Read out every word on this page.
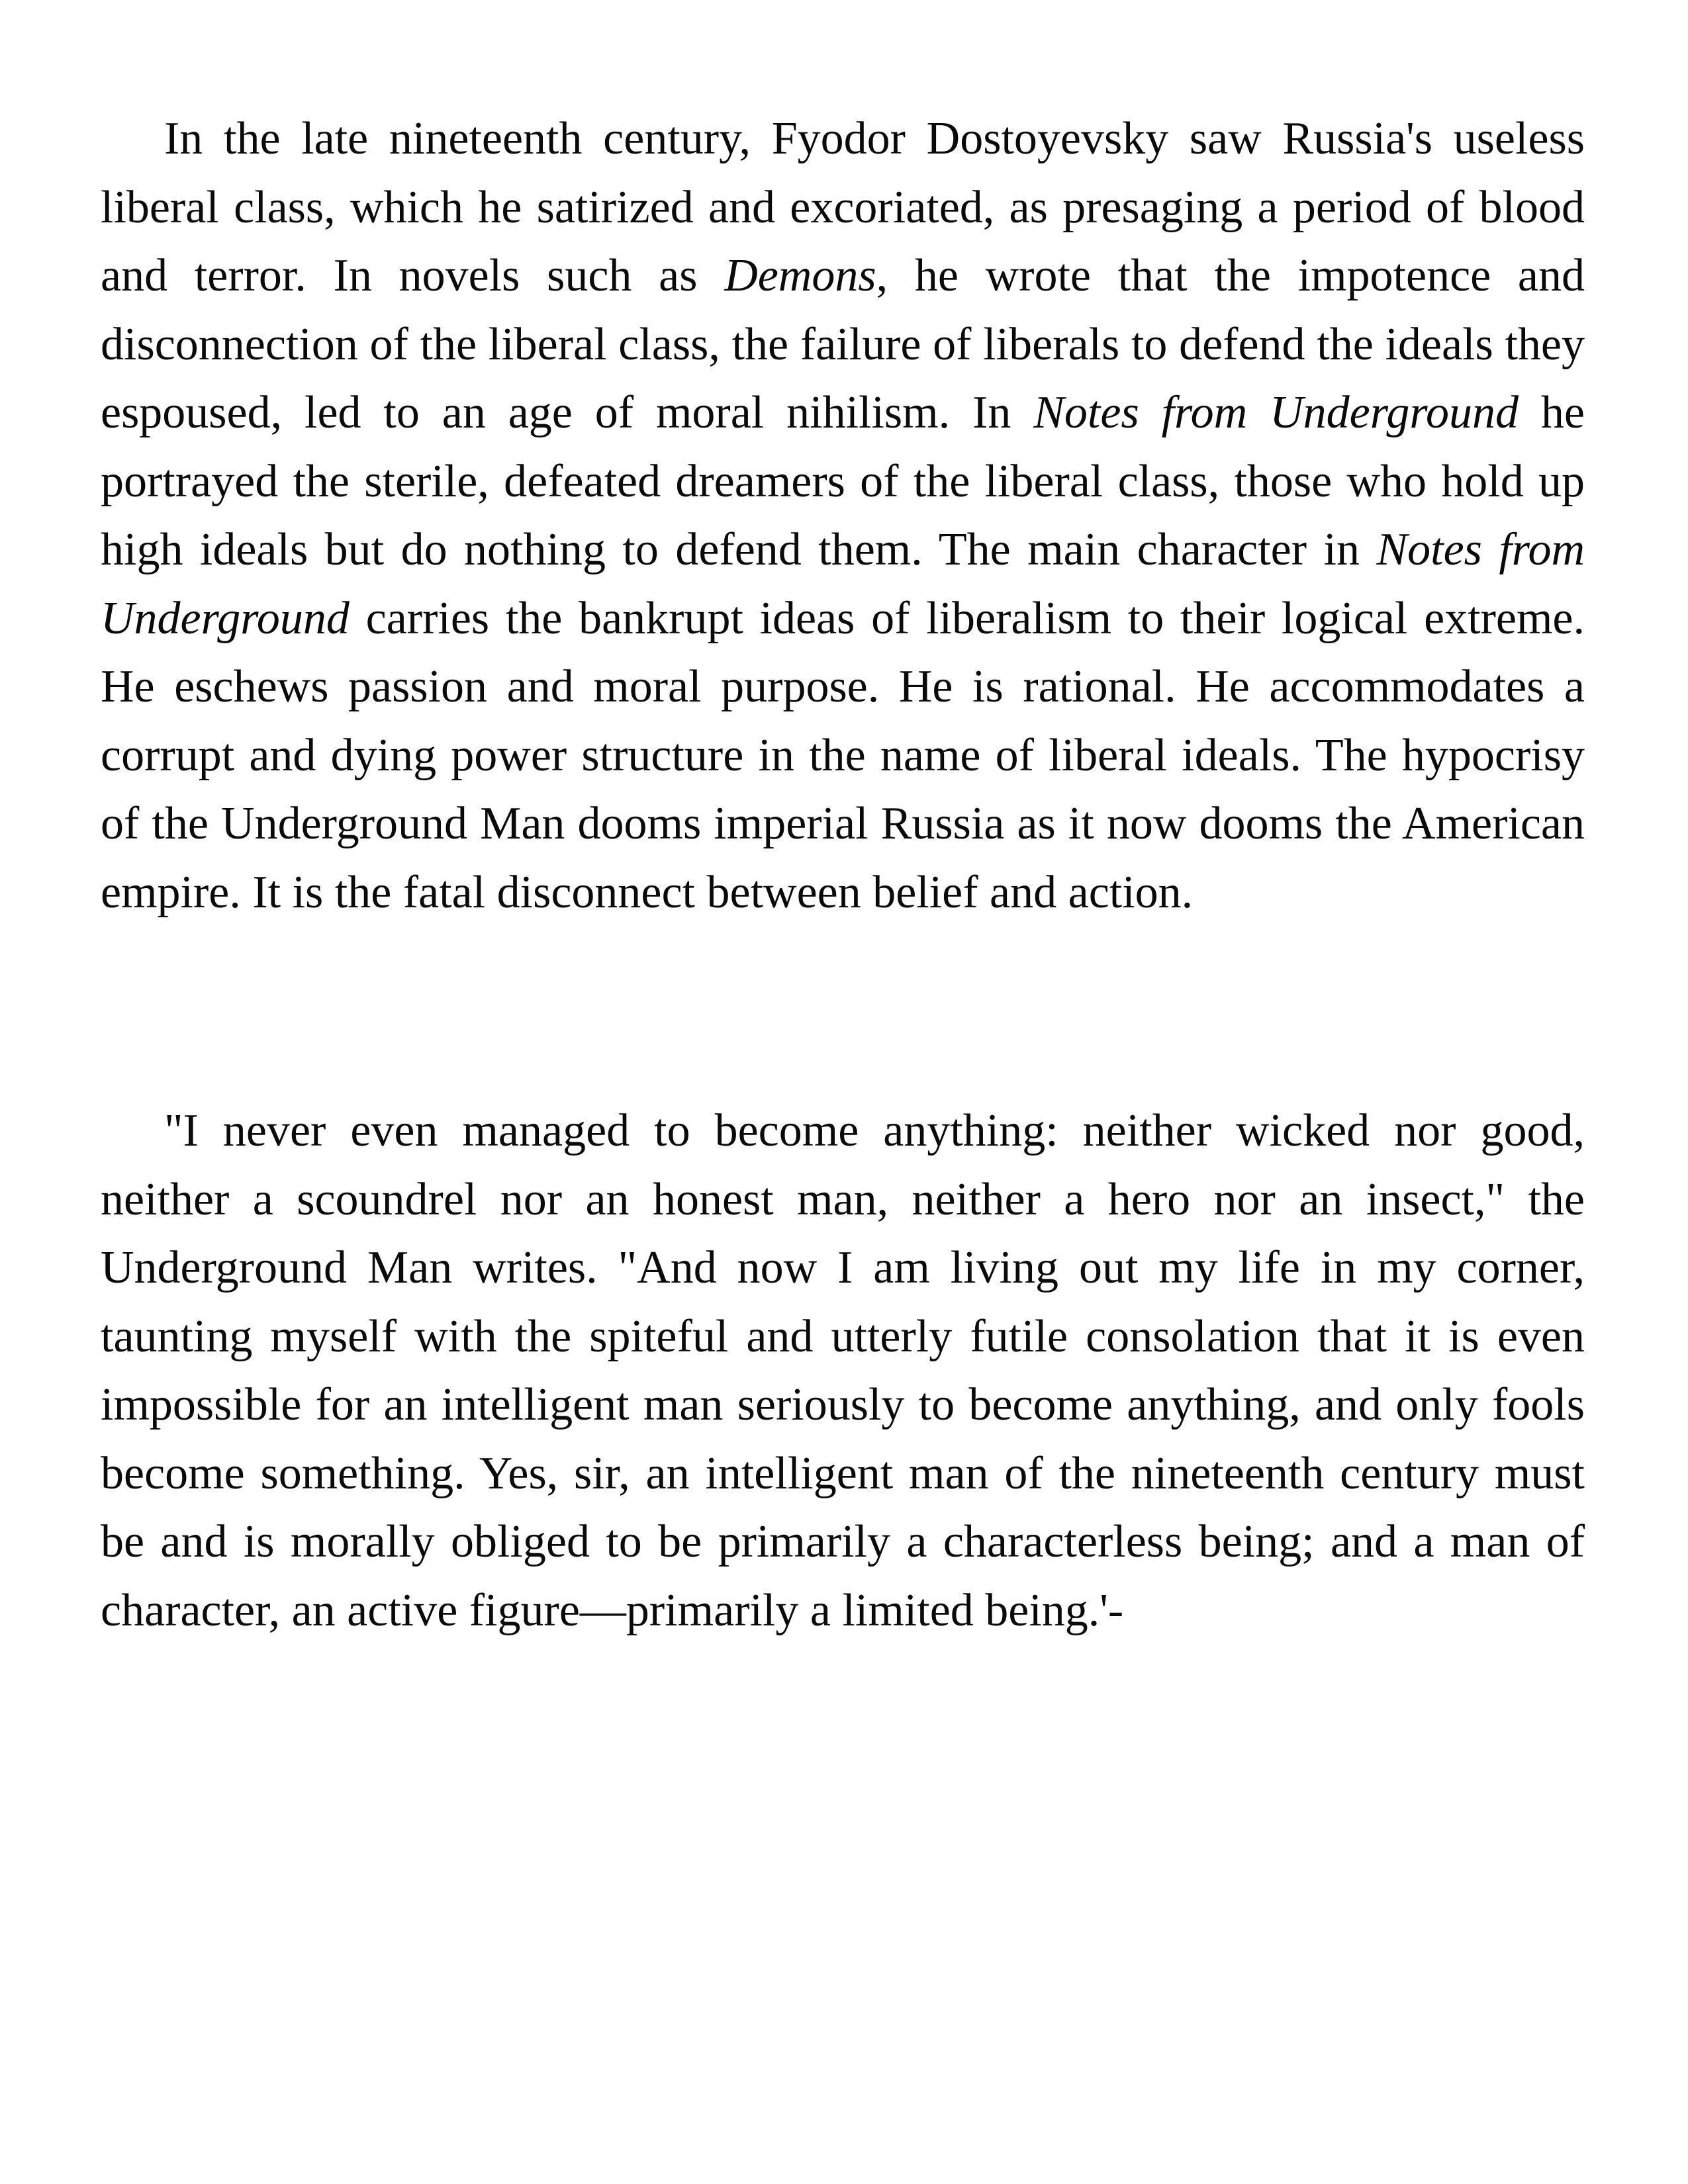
In the late nineteenth century, Fyodor Dostoyevsky saw Russia's useless liberal class, which he satirized and excoriated, as presaging a period of blood and terror. In novels such as Demons, he wrote that the impotence and disconnection of the liberal class, the failure of liberals to defend the ideals they espoused, led to an age of moral nihilism. In Notes from Underground he portrayed the sterile, defeated dreamers of the liberal class, those who hold up high ideals but do nothing to defend them. The main character in Notes from Underground carries the bankrupt ideas of liberalism to their logical extreme. He eschews passion and moral purpose. He is rational. He accommodates a corrupt and dying power structure in the name of liberal ideals. The hypocrisy of the Underground Man dooms imperial Russia as it now dooms the American empire. It is the fatal disconnect between belief and action.

"I never even managed to become anything: neither wicked nor good, neither a scoundrel nor an honest man, neither a hero nor an insect," the Underground Man writes. "And now I am living out my life in my corner, taunting myself with the spiteful and utterly futile consolation that it is even impossible for an intelligent man seriously to become anything, and only fools become something. Yes, sir, an intelligent man of the nineteenth century must be and is morally obliged to be primarily a characterless being; and a man of character, an active figure—primarily a limited being.'-
